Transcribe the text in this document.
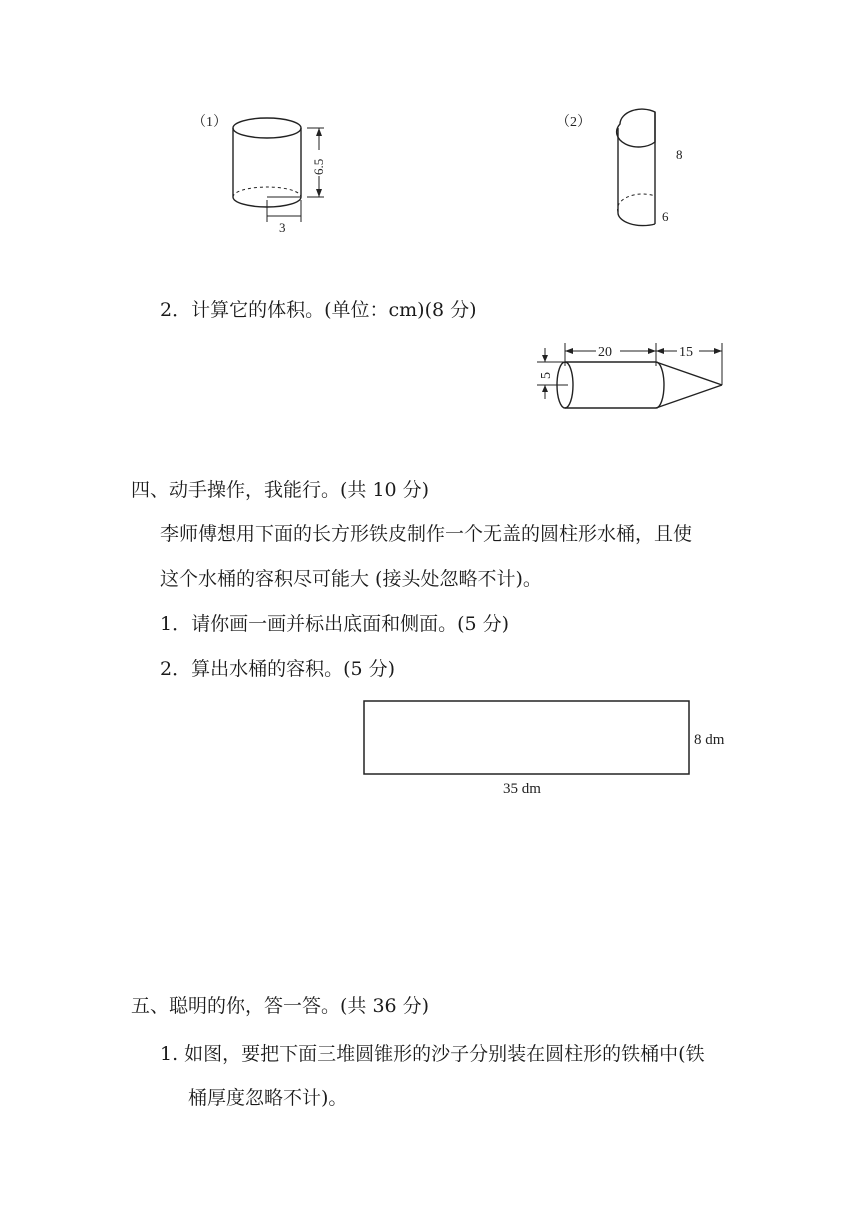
（1）
6.5
3
（2）
8
6
2．计算它的体积。(单位：cm)(8 分)
20	15
5
四、动手操作，我能行。(共 10 分)
李师傅想用下面的长方形铁皮制作一个无盖的圆柱形水桶，且使
这个水桶的容积尽可能大 (接头处忽略不计)。
1．请你画一画并标出底面和侧面。(5 分)
2．算出水桶的容积。(5 分)
35 dm
8 dm
五、聪明的你，答一答。(共 36 分)
1. 如图，要把下面三堆圆锥形的沙子分别装在圆柱形的铁桶中(铁
桶厚度忽略不计)。
